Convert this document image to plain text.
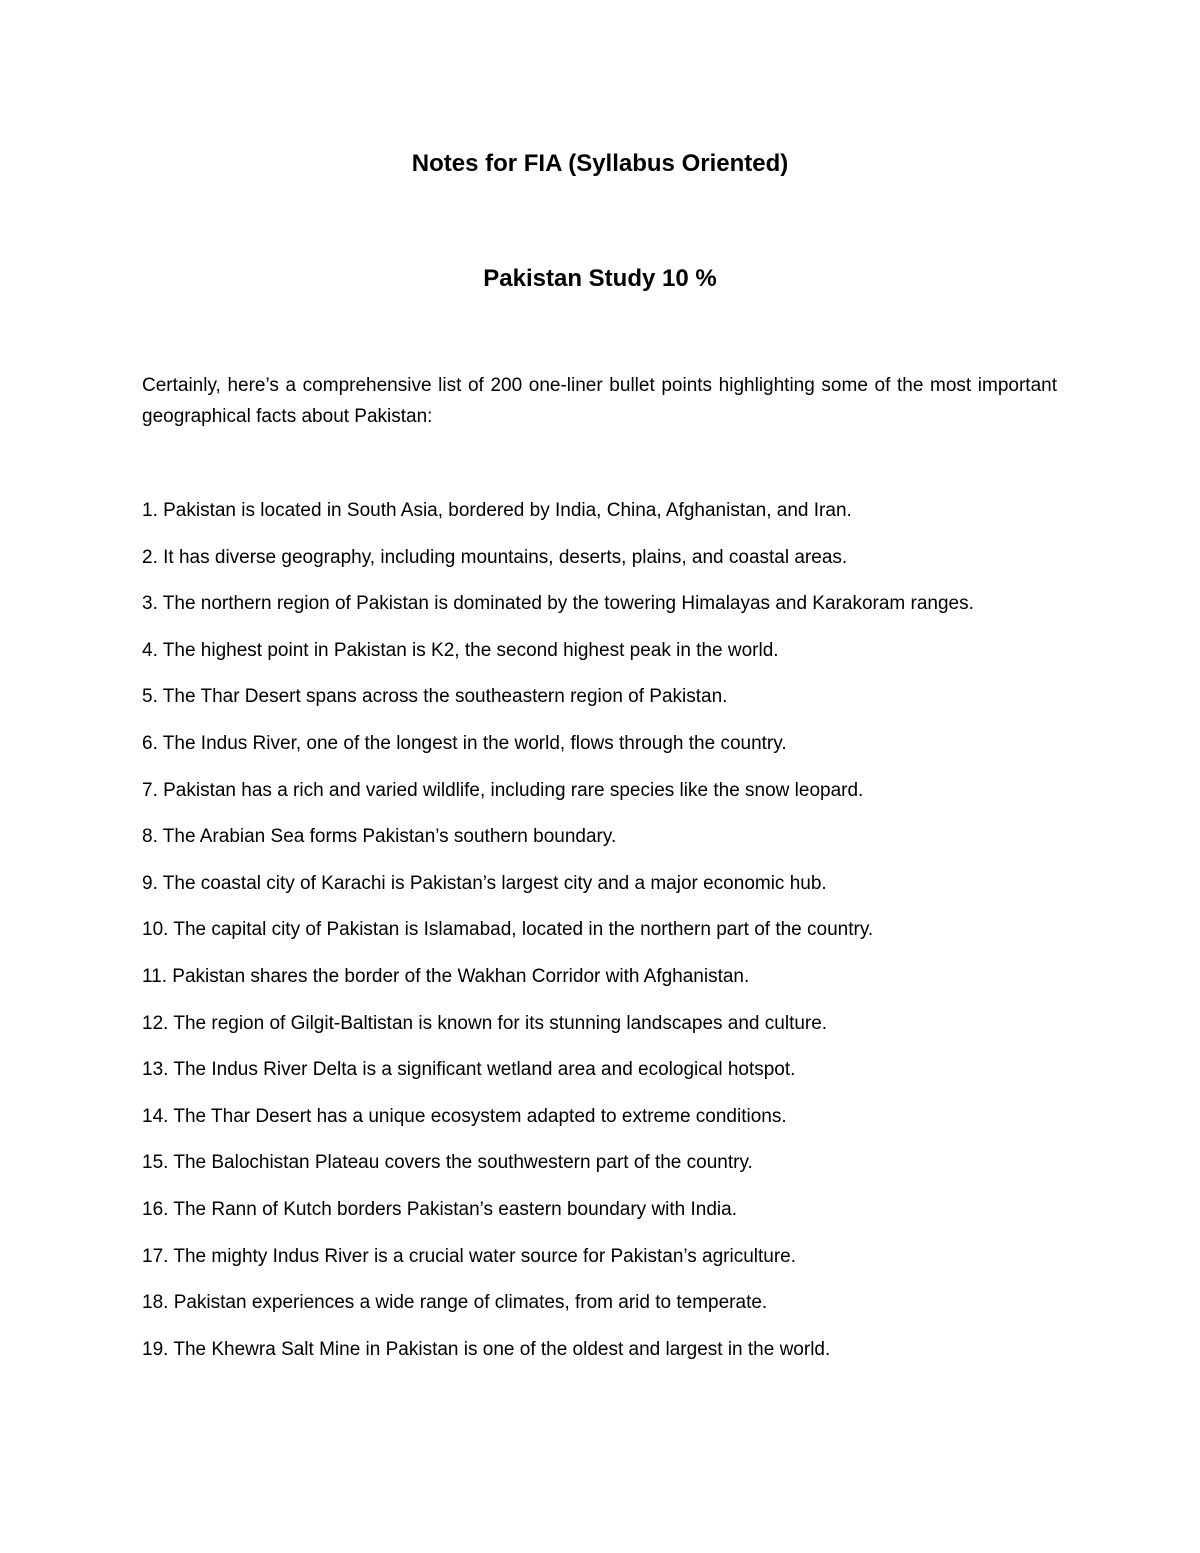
Notes for FIA (Syllabus Oriented)
Pakistan Study 10 %

Certainly, here’s a comprehensive list of 200 one-liner bullet points highlighting some of the most important geographical facts about Pakistan:

1. Pakistan is located in South Asia, bordered by India, China, Afghanistan, and Iran.
2. It has diverse geography, including mountains, deserts, plains, and coastal areas.
3. The northern region of Pakistan is dominated by the towering Himalayas and Karakoram ranges.
4. The highest point in Pakistan is K2, the second highest peak in the world.
5. The Thar Desert spans across the southeastern region of Pakistan.
6. The Indus River, one of the longest in the world, flows through the country.
7. Pakistan has a rich and varied wildlife, including rare species like the snow leopard.
8. The Arabian Sea forms Pakistan’s southern boundary.
9. The coastal city of Karachi is Pakistan’s largest city and a major economic hub.
10. The capital city of Pakistan is Islamabad, located in the northern part of the country.
11. Pakistan shares the border of the Wakhan Corridor with Afghanistan.
12. The region of Gilgit-Baltistan is known for its stunning landscapes and culture.
13. The Indus River Delta is a significant wetland area and ecological hotspot.
14. The Thar Desert has a unique ecosystem adapted to extreme conditions.
15. The Balochistan Plateau covers the southwestern part of the country.
16. The Rann of Kutch borders Pakistan’s eastern boundary with India.
17. The mighty Indus River is a crucial water source for Pakistan’s agriculture.
18. Pakistan experiences a wide range of climates, from arid to temperate.
19. The Khewra Salt Mine in Pakistan is one of the oldest and largest in the world.
